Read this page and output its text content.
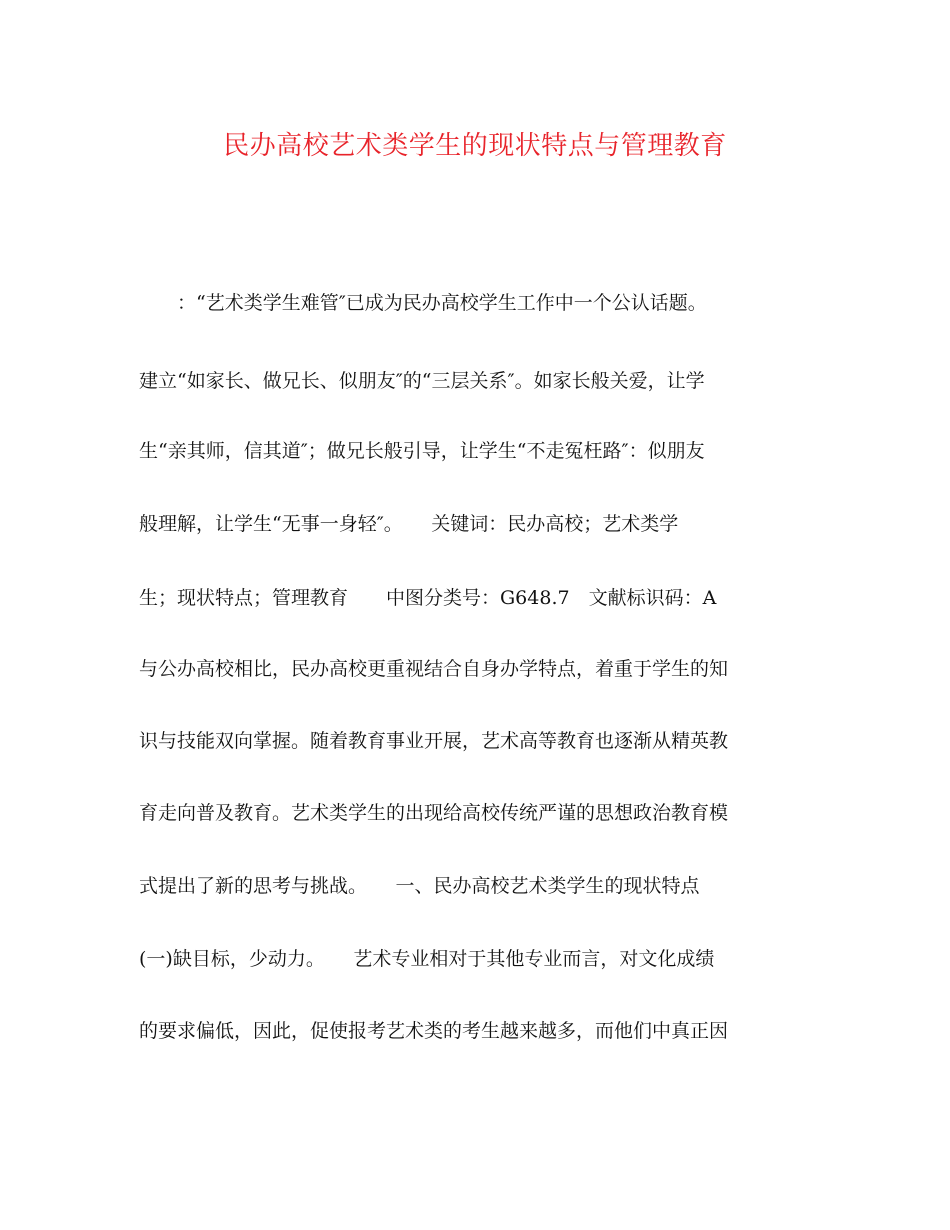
民办高校艺术类学生的现状特点与管理教育

　　：“艺术类学生难管″已成为民办高校学生工作中一个公认话题。

建立“如家长、做兄长、似朋友″的“三层关系″。如家长般关爱，让学

生“亲其师，信其道″；做兄长般引导，让学生“不走冤枉路″：似朋友

般理解，让学生“无事一身轻″。　　关键词：民办高校；艺术类学

生；现状特点；管理教育　　中图分类号：G648.7　文献标识码：A

与公办高校相比，民办高校更重视结合自身办学特点，着重于学生的知

识与技能双向掌握。随着教育事业开展，艺术高等教育也逐渐从精英教

育走向普及教育。艺术类学生的出现给高校传统严谨的思想政治教育模

式提出了新的思考与挑战。　　一、民办高校艺术类学生的现状特点

(一)缺目标，少动力。　　艺术专业相对于其他专业而言，对文化成绩

的要求偏低，因此，促使报考艺术类的考生越来越多，而他们中真正因
